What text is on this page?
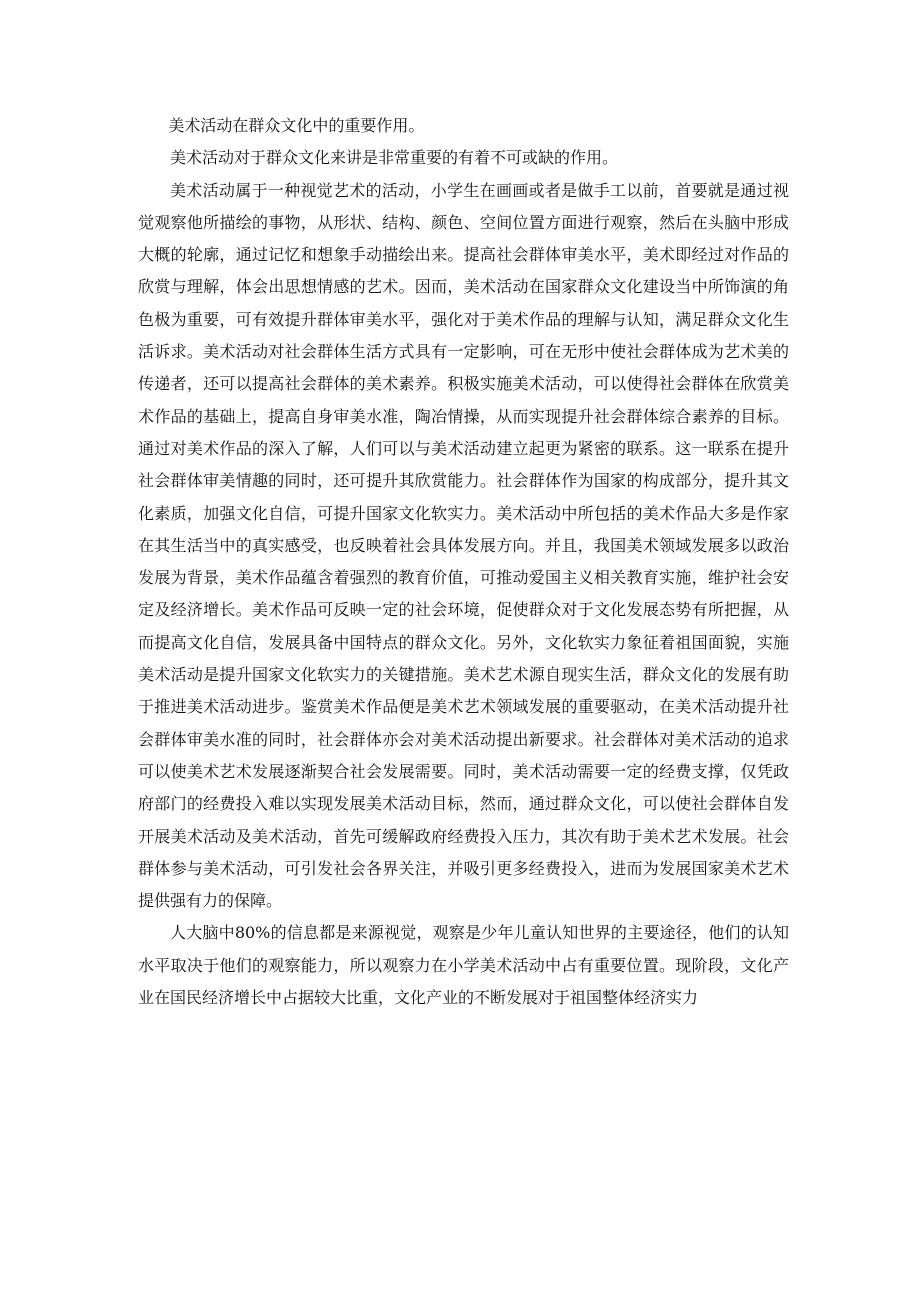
美术活动在群众文化中的重要作用。

美术活动对于群众文化来讲是非常重要的有着不可或缺的作用。

美术活动属于一种视觉艺术的活动，小学生在画画或者是做手工以前，首要就是通过视觉观察他所描绘的事物，从形状、结构、颜色、空间位置方面进行观察，然后在头脑中形成大概的轮廓，通过记忆和想象手动描绘出来。提高社会群体审美水平，美术即经过对作品的欣赏与理解，体会出思想情感的艺术。因而，美术活动在国家群众文化建设当中所饰演的角色极为重要，可有效提升群体审美水平，强化对于美术作品的理解与认知，满足群众文化生活诉求。美术活动对社会群体生活方式具有一定影响，可在无形中使社会群体成为艺术美的传递者，还可以提高社会群体的美术素养。积极实施美术活动，可以使得社会群体在欣赏美术作品的基础上，提高自身审美水准，陶冶情操，从而实现提升社会群体综合素养的目标。通过对美术作品的深入了解，人们可以与美术活动建立起更为紧密的联系。这一联系在提升社会群体审美情趣的同时，还可提升其欣赏能力。社会群体作为国家的构成部分，提升其文化素质，加强文化自信，可提升国家文化软实力。美术活动中所包括的美术作品大多是作家在其生活当中的真实感受，也反映着社会具体发展方向。并且，我国美术领域发展多以政治发展为背景，美术作品蕴含着强烈的教育价值，可推动爱国主义相关教育实施，维护社会安定及经济增长。美术作品可反映一定的社会环境，促使群众对于文化发展态势有所把握，从而提高文化自信，发展具备中国特点的群众文化。另外，文化软实力象征着祖国面貌，实施美术活动是提升国家文化软实力的关键措施。美术艺术源自现实生活，群众文化的发展有助于推进美术活动进步。鉴赏美术作品便是美术艺术领域发展的重要驱动，在美术活动提升社会群体审美水准的同时，社会群体亦会对美术活动提出新要求。社会群体对美术活动的追求可以使美术艺术发展逐渐契合社会发展需要。同时，美术活动需要一定的经费支撑，仅凭政府部门的经费投入难以实现发展美术活动目标，然而，通过群众文化，可以使社会群体自发开展美术活动及美术活动，首先可缓解政府经费投入压力，其次有助于美术艺术发展。社会群体参与美术活动，可引发社会各界关注，并吸引更多经费投入，进而为发展国家美术艺术提供强有力的保障。

人大脑中80%的信息都是来源视觉，观察是少年儿童认知世界的主要途径，他们的认知水平取决于他们的观察能力，所以观察力在小学美术活动中占有重要位置。现阶段，文化产业在国民经济增长中占据较大比重，文化产业的不断发展对于祖国整体经济实力
